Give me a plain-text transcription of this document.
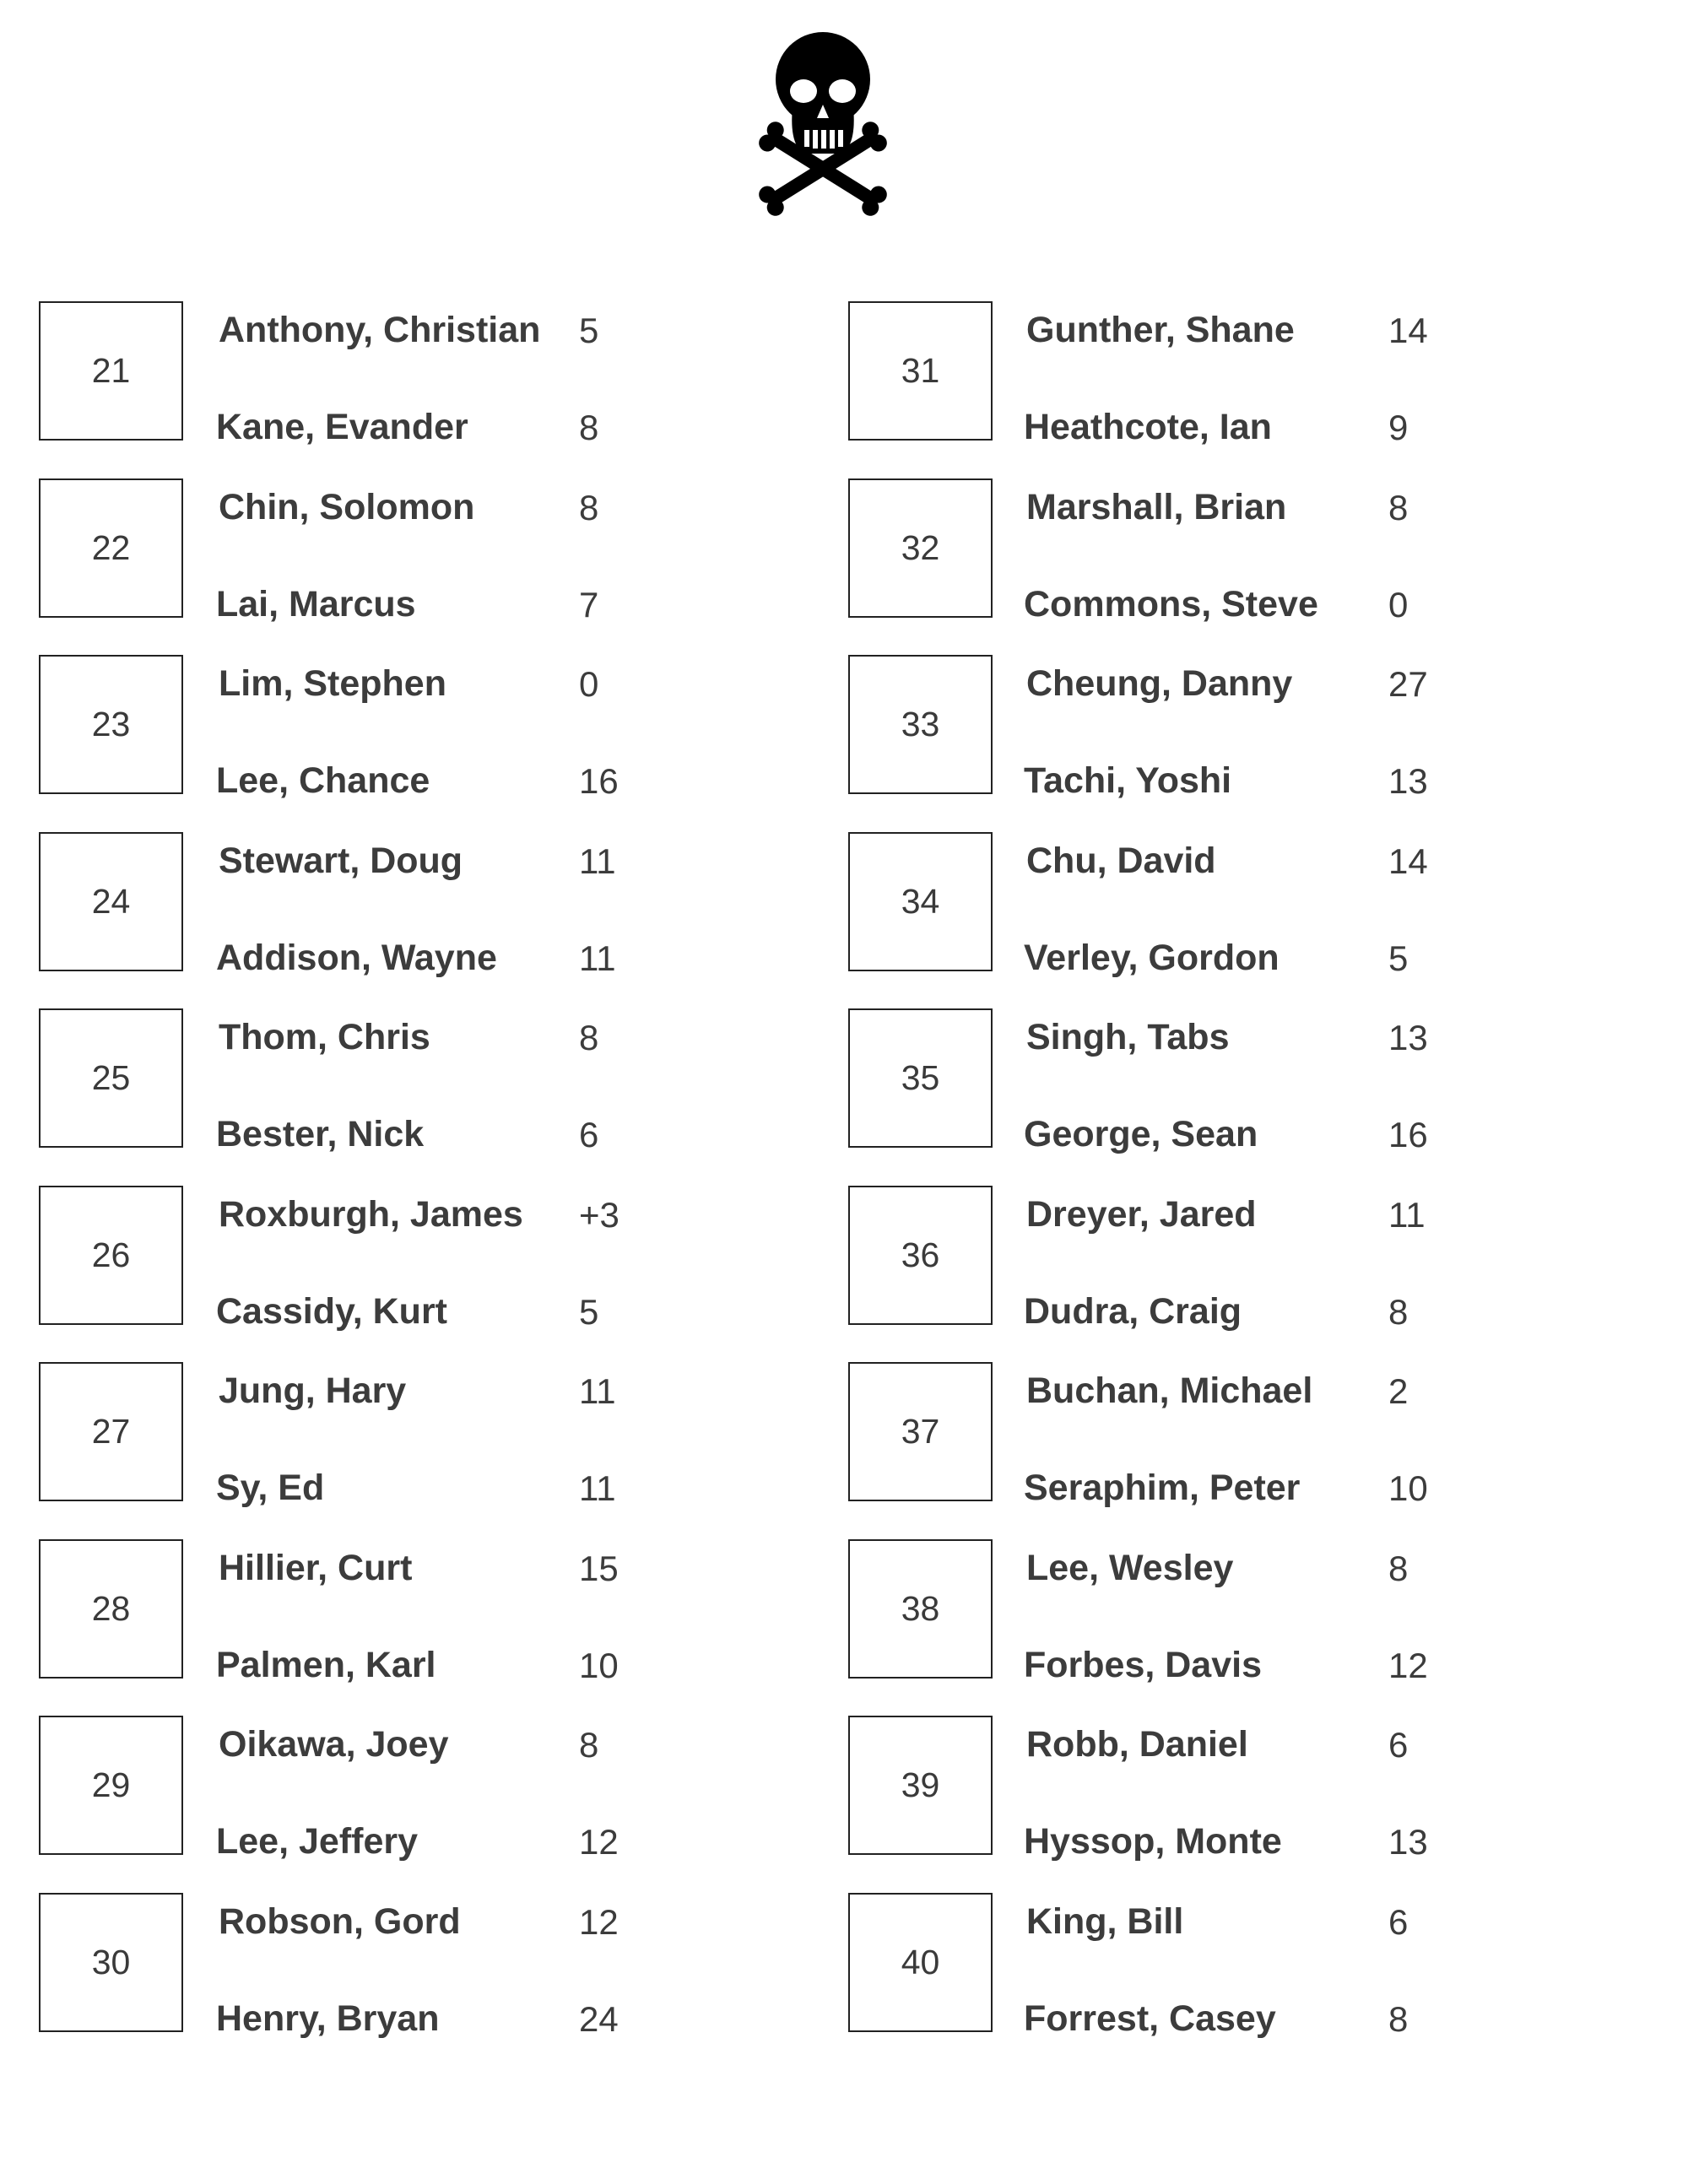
21
Anthony, Christian 5
Kane, Evander	8
22
Chin, Solomon	8
Lai, Marcus	7
23
Lim, Stephen	0
Lee, Chance	16
24
Stewart, Doug	11
Addison, Wayne 11
25
Thom, Chris	8
Bester, Nick	6
26
Roxburgh, James +3
Cassidy, Kurt	5
27
Jung, Hary	11
Sy, Ed	11
28
Hillier, Curt	15
Palmen, Karl	10
29
Oikawa, Joey	8
Lee, Jeffery	12
30
Robson, Gord	12
Henry, Bryan	24
31
Gunther, Shane	14
Heathcote, Ian	9
32
Marshall, Brian	8
Commons, Steve 0
33
Cheung, Danny	27
Tachi, Yoshi	13
34
Chu, David	14
Verley, Gordon	5
35
Singh, Tabs	13
George, Sean	16
36
Dreyer, Jared	11
Dudra, Craig	8
37
Buchan, Michael 2
Seraphim, Peter 10
38
Lee, Wesley	8
Forbes, Davis	12
39
Robb, Daniel	6
Hyssop, Monte	13
40
King, Bill	6
Forrest, Casey	8
